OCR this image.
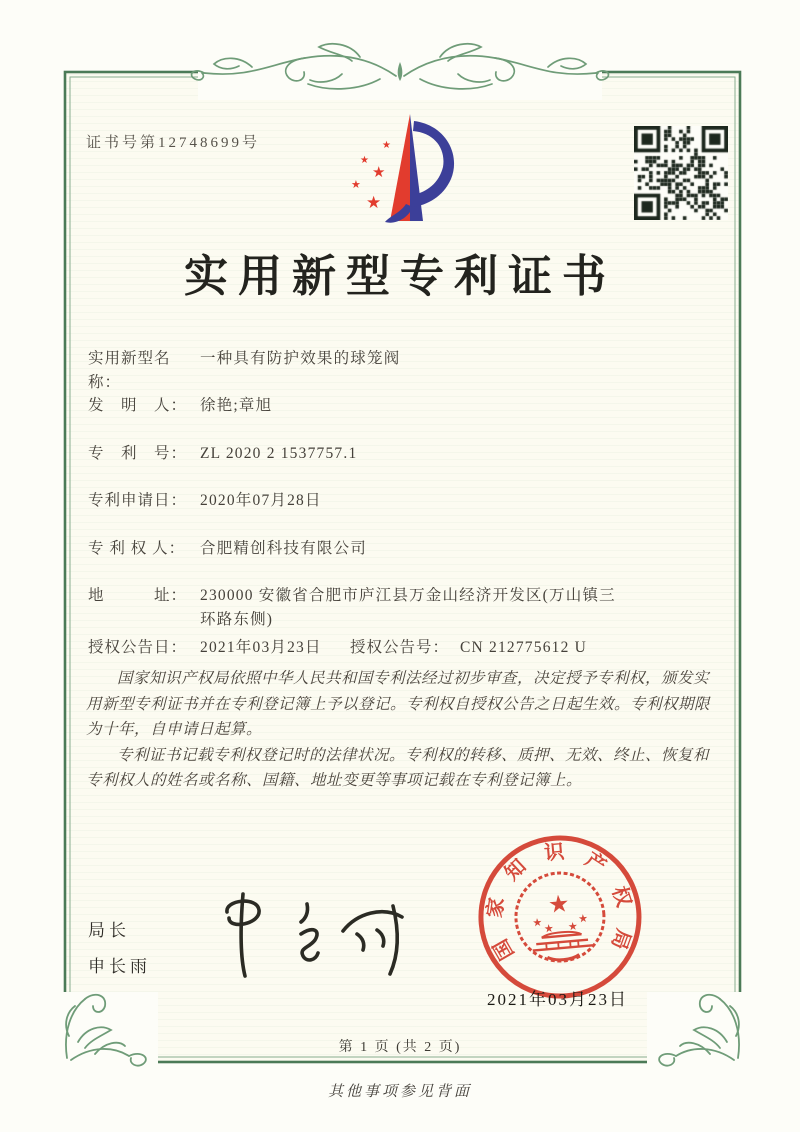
证书号第12748699号	★
★
★
★
★
实用新型专利证书
实用新型名称：一种具有防护效果的球笼阀
发　明　人： 徐艳;章旭
专　利　号： ZL 2020 2 1537757.1
专利申请日： 2020年07月28日
专 利 权 人： 合肥精创科技有限公司
地　　　址： 230000 安徽省合肥市庐江县万金山经济开发区(万山镇三环路东侧)
授权公告日： 2021年03月23日 授权公告号： CN 212775612 U

国家知识产权局依照中华人民共和国专利法经过初步审查，决定授予专利权，颁发实用新型专利证书并在专利登记簿上予以登记。专利权自授权公告之日起生效。专利权期限为十年，自申请日起算。

专利证书记载专利权登记时的法律状况。专利权的转移、质押、无效、终止、恢复和专利权人的姓名或名称、国籍、地址变更等事项记载在专利登记簿上。

局长
申长雨
★
★	★
★ ★
国
家
知
识 产
权
局
2021年03月23日
第 1 页 (共 2 页)
其他事项参见背面
